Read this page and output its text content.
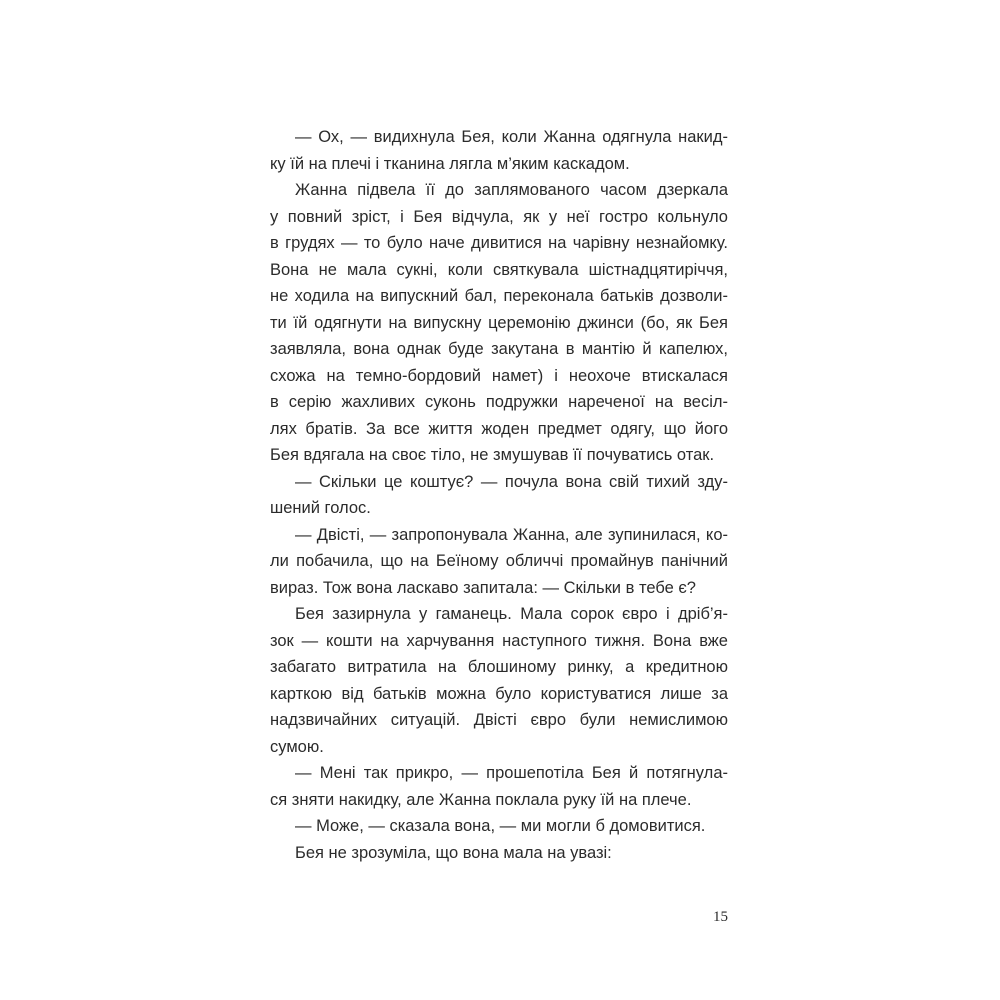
— Ох, — видихнула Бея, коли Жанна одягнула накид-
ку їй на плечі і тканина лягла м’яким каскадом.
Жанна підвела її до заплямованого часом дзеркала
у повний зріст, і Бея відчула, як у неї гостро кольнуло
в грудях — то було наче дивитися на чарівну незнайомку.
Вона не мала сукні, коли святкувала шістнадцятиріччя,
не ходила на випускний бал, переконала батьків дозволи-
ти їй одягнути на випускну церемонію джинси (бо, як Бея
заявляла, вона однак буде закутана в мантію й капелюх,
схожа на темно-бордовий намет) і неохоче втискалася
в серію жахливих суконь подружки нареченої на весіл-
лях братів. За все життя жоден предмет одягу, що його
Бея вдягала на своє тіло, не змушував її почуватись отак.
— Скільки це коштує? — почула вона свій тихий зду-
шений голос.
— Двісті, — запропонувала Жанна, але зупинилася, ко-
ли побачила, що на Беїному обличчі промайнув панічний
вираз. Тож вона ласкаво запитала: — Скільки в тебе є?
Бея зазирнула у гаманець. Мала сорок євро і дріб’я-
зок — кошти на харчування наступного тижня. Вона вже
забагато витратила на блошиному ринку, а кредитною
карткою від батьків можна було користуватися лише за
надзвичайних ситуацій. Двісті євро були немислимою
сумою.
— Мені так прикро, — прошепотіла Бея й потягнула-
ся зняти накидку, але Жанна поклала руку їй на плече.
— Може, — сказала вона, — ми могли б домовитися.
Бея не зрозуміла, що вона мала на увазі:
15
